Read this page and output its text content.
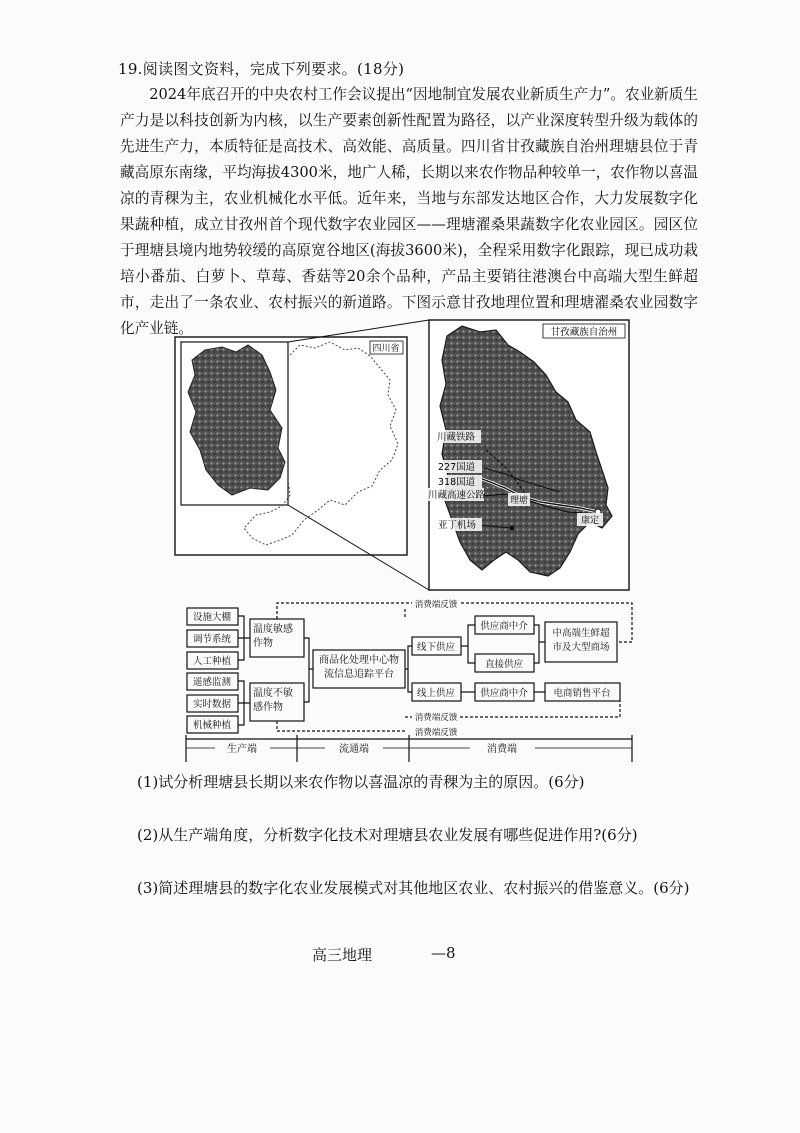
19.阅读图文资料，完成下列要求。(18分)
2024年底召开的中央农村工作会议提出“因地制宜发展农业新质生产力”。农业新质生产力是以科技创新为内核，以生产要素创新性配置为路径，以产业深度转型升级为载体的先进生产力，本质特征是高技术、高效能、高质量。四川省甘孜藏族自治州理塘县位于青藏高原东南缘，平均海拔4300米，地广人稀，长期以来农作物品种较单一，农作物以喜温凉的青稞为主，农业机械化水平低。近年来，当地与东部发达地区合作，大力发展数字化果蔬种植，成立甘孜州首个现代数字农业园区——理塘濯桑果蔬数字化农业园区。园区位于理塘县境内地势较缓的高原宽谷地区(海拔3600米)，全程采用数字化跟踪，现已成功栽培小番茄、白萝卜、草莓、香菇等20余个品种，产品主要销往港澳台中高端大型生鲜超市，走出了一条农业、农村振兴的新道路。下图示意甘孜地理位置和理塘濯桑农业园数字化产业链。
四川省
甘孜藏族自治州
理塘
康定
川藏铁路
227国道
318国道
川藏高速公路
亚丁机场
设施大棚
调节系统
人工种植
遥感监测
实时数据
机械种植
温度敏感作物
温度不敏感作物
商品化处理中心物流信息追踪平台
中高端生鲜超市及大型商场
线下供应
线上供应
供应商中介
直接供应
供应商中介	电商销售平台
消费端反馈
消费端反馈
消费端反馈
生产端	流通端	消费端
(1)试分析理塘县长期以来农作物以喜温凉的青稞为主的原因。(6分)
(2)从生产端角度，分析数字化技术对理塘县农业发展有哪些促进作用?(6分)
(3)简述理塘县的数字化农业发展模式对其他地区农业、农村振兴的借鉴意义。(6分)
高三地理	—8
